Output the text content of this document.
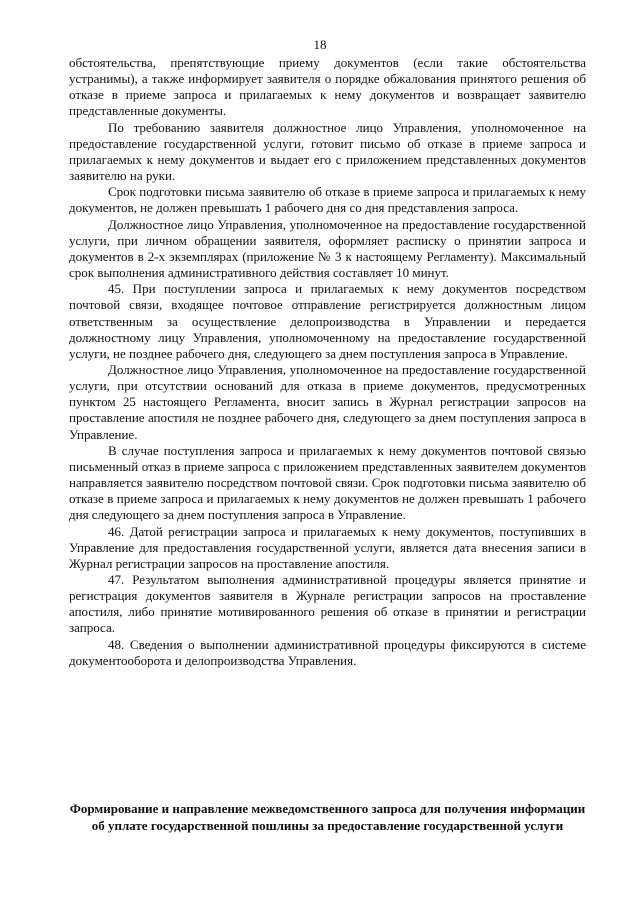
18

обстоятельства, препятствующие приему документов (если такие обстоятельства устранимы), а также информирует заявителя о порядке обжалования принятого решения об отказе в приеме запроса и прилагаемых к нему документов и возвращает заявителю представленные документы.

По требованию заявителя должностное лицо Управления, уполномоченное на предоставление государственной услуги, готовит письмо об отказе в приеме запроса и прилагаемых к нему документов и выдает его с приложением представленных документов заявителю на руки.

Срок подготовки письма заявителю об отказе в приеме запроса и прилагаемых к нему документов, не должен превышать 1 рабочего дня со дня представления запроса.

Должностное лицо Управления, уполномоченное на предоставление государственной услуги, при личном обращении заявителя, оформляет расписку о принятии запроса и документов в 2-х экземплярах (приложение № 3 к настоящему Регламенту). Максимальный срок выполнения административного действия составляет 10 минут.

45. При поступлении запроса и прилагаемых к нему документов посредством почтовой связи, входящее почтовое отправление регистрируется должностным лицом ответственным за осуществление делопроизводства в Управлении и передается должностному лицу Управления, уполномоченному на предоставление государственной услуги, не позднее рабочего дня, следующего за днем поступления запроса в Управление.

Должностное лицо Управления, уполномоченное на предоставление государственной услуги, при отсутствии оснований для отказа в приеме документов, предусмотренных пунктом 25 настоящего Регламента, вносит запись в Журнал регистрации запросов на проставление апостиля не позднее рабочего дня, следующего за днем поступления запроса в Управление.

В случае поступления запроса и прилагаемых к нему документов почтовой связью письменный отказ в приеме запроса с приложением представленных заявителем документов направляется заявителю посредством почтовой связи. Срок подготовки письма заявителю об отказе в приеме запроса и прилагаемых к нему документов не должен превышать 1 рабочего дня следующего за днем поступления запроса в Управление.

46. Датой регистрации запроса и прилагаемых к нему документов, поступивших в Управление для предоставления государственной услуги, является дата внесения записи в Журнал регистрации запросов на проставление апостиля.

47. Результатом выполнения административной процедуры является принятие и регистрация документов заявителя в Журнале регистрации запросов на проставление апостиля, либо принятие мотивированного решения об отказе в принятии и регистрации запроса.

48. Сведения о выполнении административной процедуры фиксируются в системе документооборота и делопроизводства Управления.

Формирование и направление межведомственного запроса для получения информации об уплате государственной пошлины за предоставление государственной услуги
